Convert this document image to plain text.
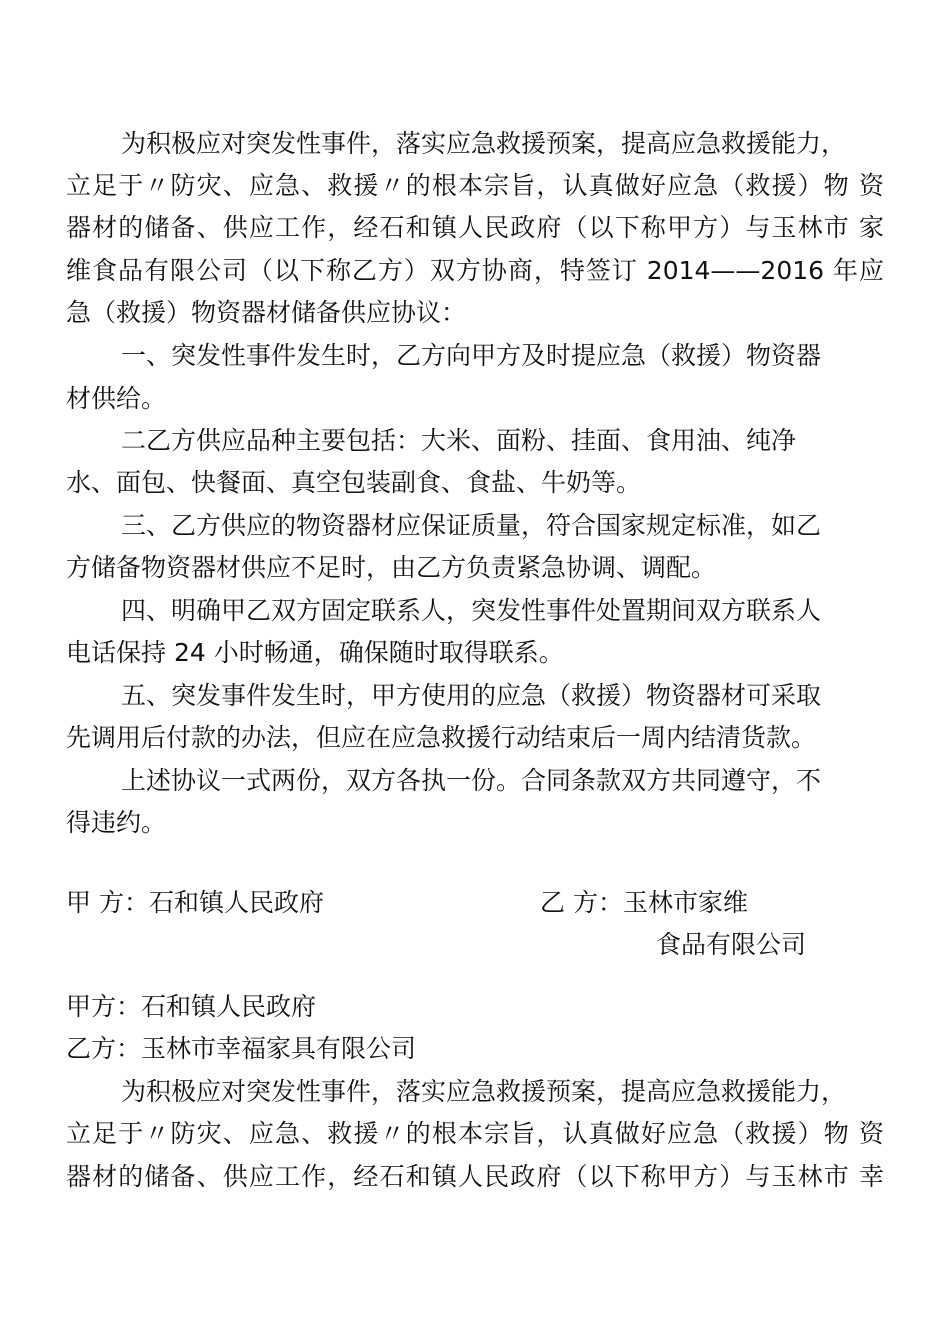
为积极应对突发性事件，落实应急救援预案，提高应急救援能力，
立足于〃防灾、应急、救援〃的根本宗旨，认真做好应急（救援）物 资
器材的储备、供应工作，经石和镇人民政府（以下称甲方）与玉林市 家
维食品有限公司（以下称乙方）双方协商，特签订 2014——2016 年应
急（救援）物资器材储备供应协议：
一、突发性事件发生时，乙方向甲方及时提应急（救援）物资器
材供给。
二乙方供应品种主要包括：大米、面粉、挂面、食用油、纯净
水、面包、快餐面、真空包装副食、食盐、牛奶等。
三、乙方供应的物资器材应保证质量，符合国家规定标准，如乙
方储备物资器材供应不足时，由乙方负责紧急协调、调配。
四、明确甲乙双方固定联系人，突发性事件处置期间双方联系人
电话保持 24 小时畅通，确保随时取得联系。
五、突发事件发生时，甲方使用的应急（救援）物资器材可采取
先调用后付款的办法，但应在应急救援行动结束后一周内结清货款。
上述协议一式两份，双方各执一份。合同条款双方共同遵守，不
得违约。
甲 方：石和镇人民政府	乙 方：玉林市家维
食品有限公司
甲方：石和镇人民政府
乙方：玉林市幸福家具有限公司
为积极应对突发性事件，落实应急救援预案，提高应急救援能力，
立足于〃防灾、应急、救援〃的根本宗旨，认真做好应急（救援）物 资
器材的储备、供应工作，经石和镇人民政府（以下称甲方）与玉林市 幸
